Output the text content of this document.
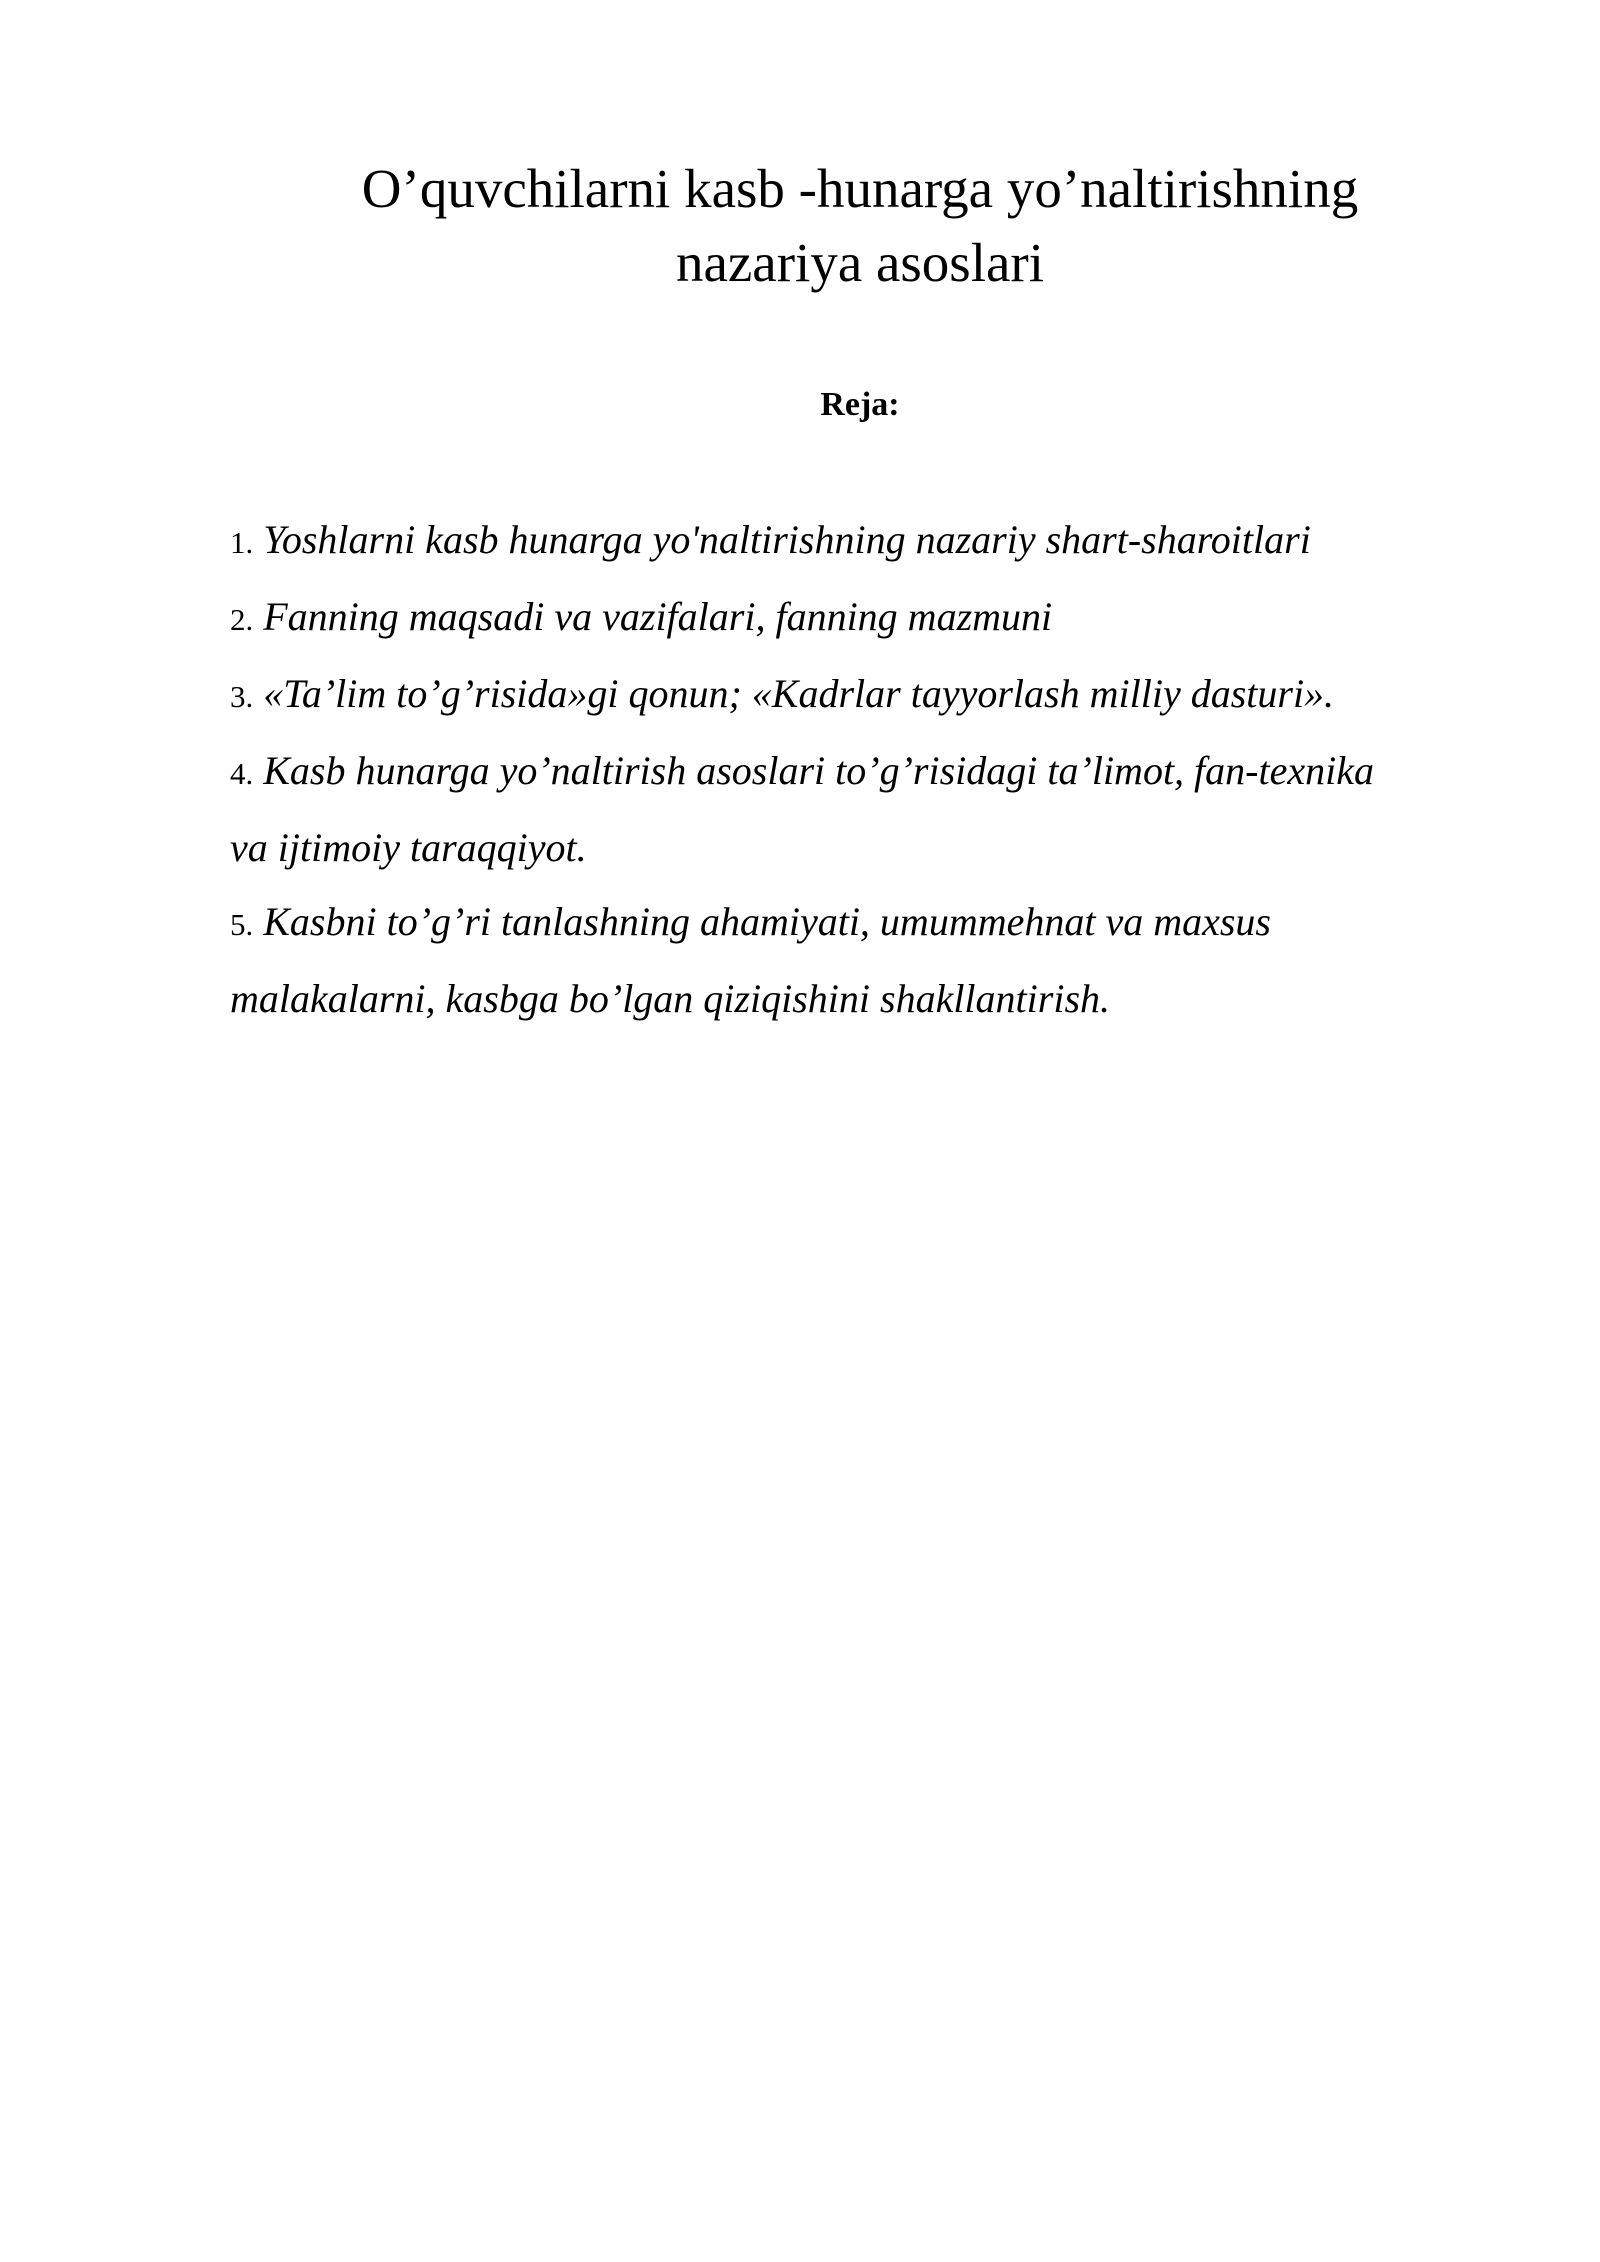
O’quvchilarni kasb -hunarga yo’naltirishning
nazariya asoslari
Reja:
1. Yoshlarni kasb hunarga yo'naltirishning nazariy shart-sharoitlari
2. Fanning maqsadi va vazifalari, fanning mazmuni
3. «Ta’lim to’g’risida»gi qonun; «Kadrlar tayyorlash milliy dasturi».
4. Kasb hunarga yo’naltirish asoslari to’g’risidagi ta’limot, fan-texnika
va ijtimoiy taraqqiyot.
5. Kasbni to’g’ri tanlashning ahamiyati, umummehnat va maxsus
malakalarni, kasbga bo’lgan qiziqishini shakllantirish.
